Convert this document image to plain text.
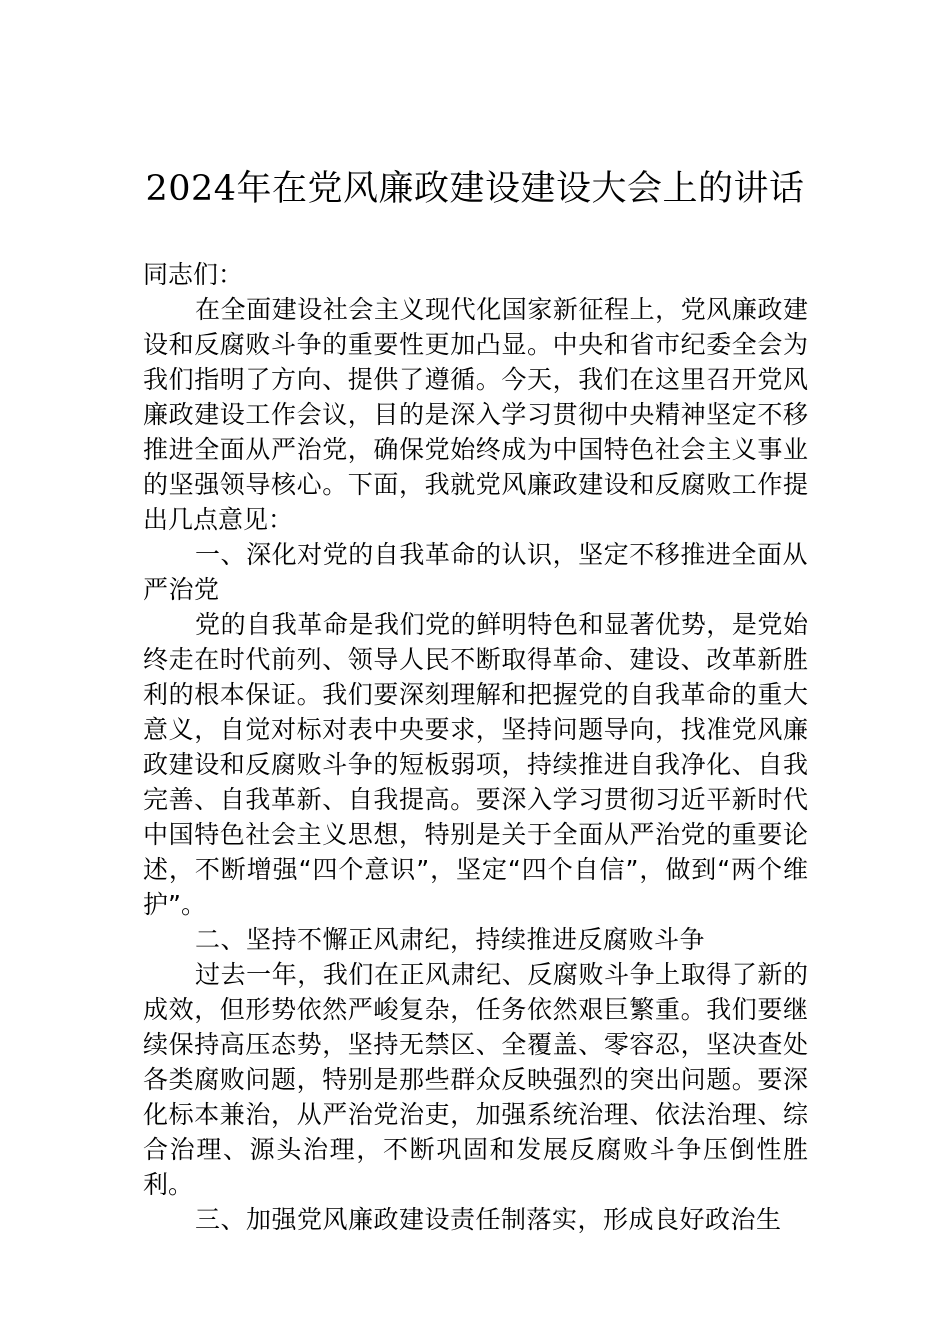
2024年在党风廉政建设建设大会上的讲话

同志们：

在全面建设社会主义现代化国家新征程上，党风廉政建设和反腐败斗争的重要性更加凸显。中央和省市纪委全会为我们指明了方向、提供了遵循。今天，我们在这里召开党风廉政建设工作会议，目的是深入学习贯彻中央精神坚定不移推进全面从严治党，确保党始终成为中国特色社会主义事业的坚强领导核心。下面，我就党风廉政建设和反腐败工作提出几点意见：

一、深化对党的自我革命的认识，坚定不移推进全面从严治党

党的自我革命是我们党的鲜明特色和显著优势，是党始终走在时代前列、领导人民不断取得革命、建设、改革新胜利的根本保证。我们要深刻理解和把握党的自我革命的重大意义，自觉对标对表中央要求，坚持问题导向，找准党风廉政建设和反腐败斗争的短板弱项，持续推进自我净化、自我完善、自我革新、自我提高。要深入学习贯彻习近平新时代中国特色社会主义思想，特别是关于全面从严治党的重要论述，不断增强“四个意识”，坚定“四个自信”，做到“两个维护”。

二、坚持不懈正风肃纪，持续推进反腐败斗争

过去一年，我们在正风肃纪、反腐败斗争上取得了新的成效，但形势依然严峻复杂，任务依然艰巨繁重。我们要继续保持高压态势，坚持无禁区、全覆盖、零容忍，坚决查处各类腐败问题，特别是那些群众反映强烈的突出问题。要深化标本兼治，从严治党治吏，加强系统治理、依法治理、综合治理、源头治理，不断巩固和发展反腐败斗争压倒性胜利。

三、加强党风廉政建设责任制落实，形成良好政治生
